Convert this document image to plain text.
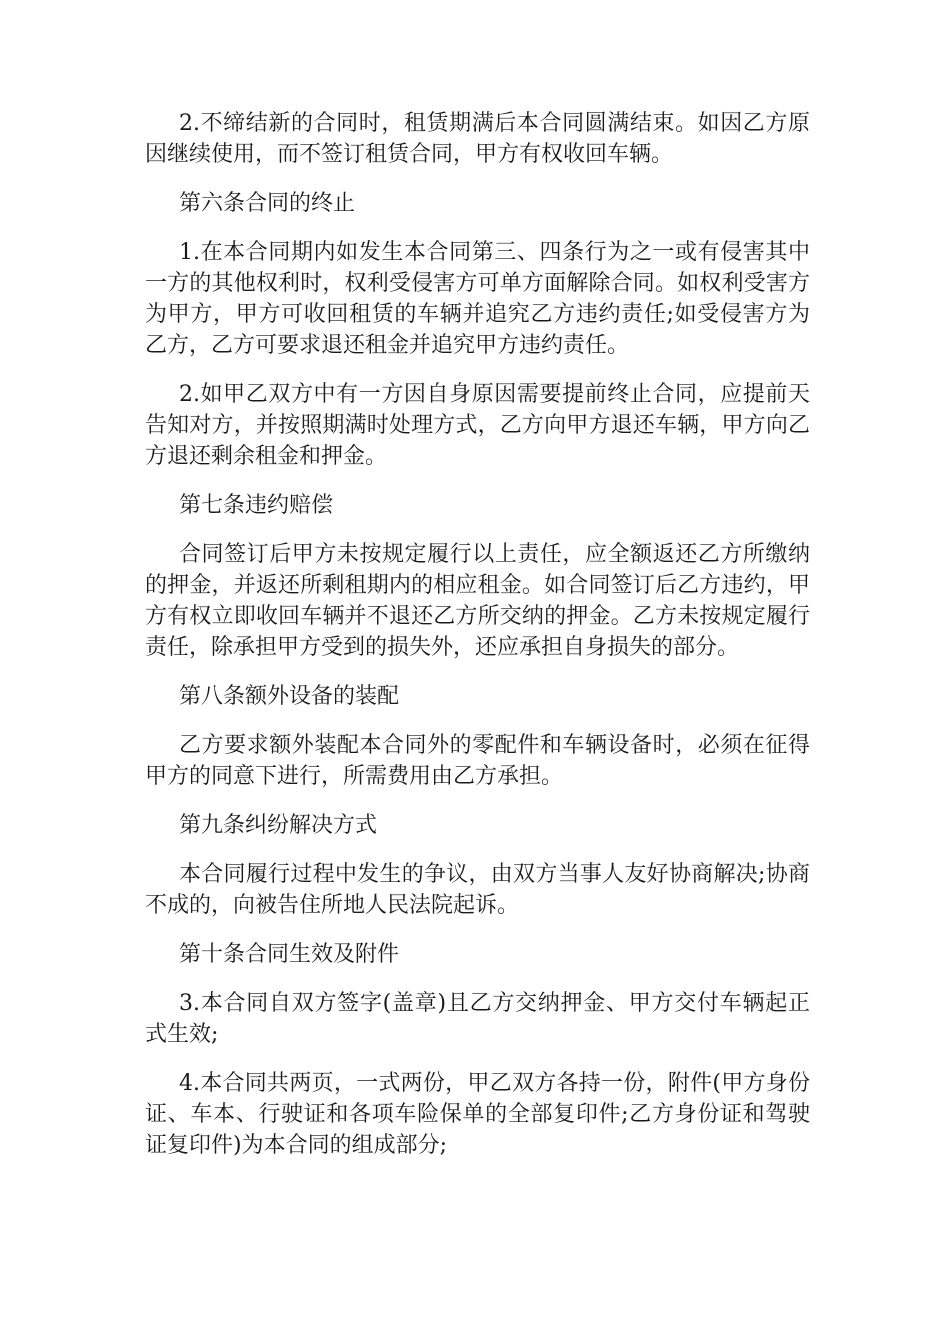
2.不缔结新的合同时，租赁期满后本合同圆满结束。如因乙方原因继续使用，而不签订租赁合同，甲方有权收回车辆。

第六条合同的终止

1.在本合同期内如发生本合同第三、四条行为之一或有侵害其中一方的其他权利时，权利受侵害方可单方面解除合同。如权利受害方为甲方，甲方可收回租赁的车辆并追究乙方违约责任;如受侵害方为乙方，乙方可要求退还租金并追究甲方违约责任。

2.如甲乙双方中有一方因自身原因需要提前终止合同，应提前天告知对方，并按照期满时处理方式，乙方向甲方退还车辆，甲方向乙方退还剩余租金和押金。

第七条违约赔偿

合同签订后甲方未按规定履行以上责任，应全额返还乙方所缴纳的押金，并返还所剩租期内的相应租金。如合同签订后乙方违约，甲方有权立即收回车辆并不退还乙方所交纳的押金。乙方未按规定履行责任，除承担甲方受到的损失外，还应承担自身损失的部分。

第八条额外设备的装配

乙方要求额外装配本合同外的零配件和车辆设备时，必须在征得甲方的同意下进行，所需费用由乙方承担。

第九条纠纷解决方式

本合同履行过程中发生的争议，由双方当事人友好协商解决;协商不成的，向被告住所地人民法院起诉。

第十条合同生效及附件

3.本合同自双方签字(盖章)且乙方交纳押金、甲方交付车辆起正式生效;

4.本合同共两页，一式两份，甲乙双方各持一份，附件(甲方身份证、车本、行驶证和各项车险保单的全部复印件;乙方身份证和驾驶证复印件)为本合同的组成部分;
